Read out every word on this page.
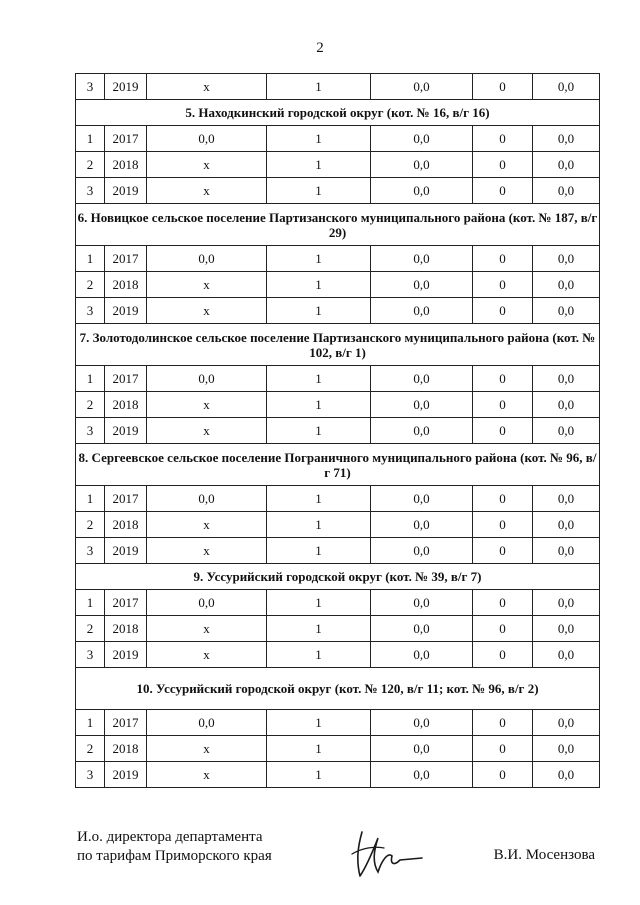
2
3	2019	x	1	0,0	0	0,0
5. Находкинский городской округ (кот. № 16, в/г 16)						
1	2017	0,0	1	0,0	0	0,0
2	2018	x	1	0,0	0	0,0
3	2019	x	1	0,0	0	0,0
6. Новицкое сельское поселение Партизанского муниципального района (кот. № 187, в/г 29)						
1	2017	0,0	1	0,0	0	0,0
2	2018	x	1	0,0	0	0,0
3	2019	x	1	0,0	0	0,0
7. Золотодолинское сельское поселение Партизанского муниципального района (кот. № 102, в/г 1)						
1	2017	0,0	1	0,0	0	0,0
2	2018	x	1	0,0	0	0,0
3	2019	x	1	0,0	0	0,0
8. Сергеевское сельское поселение Пограничного муниципального района (кот. № 96, в/г 71)						
1	2017	0,0	1	0,0	0	0,0
2	2018	x	1	0,0	0	0,0
3	2019	x	1	0,0	0	0,0
9. Уссурийский городской округ (кот. № 39, в/г 7)						
1	2017	0,0	1	0,0	0	0,0
2	2018	x	1	0,0	0	0,0
3	2019	x	1	0,0	0	0,0
10. Уссурийский городской округ (кот. № 120, в/г 11; кот. № 96, в/г 2)						
1	2017	0,0	1	0,0	0	0,0
2	2018	x	1	0,0	0	0,0
3	2019	x	1	0,0	0	0,0
И.о. директора департамента
по тарифам Приморского края	В.И. Мосензова
